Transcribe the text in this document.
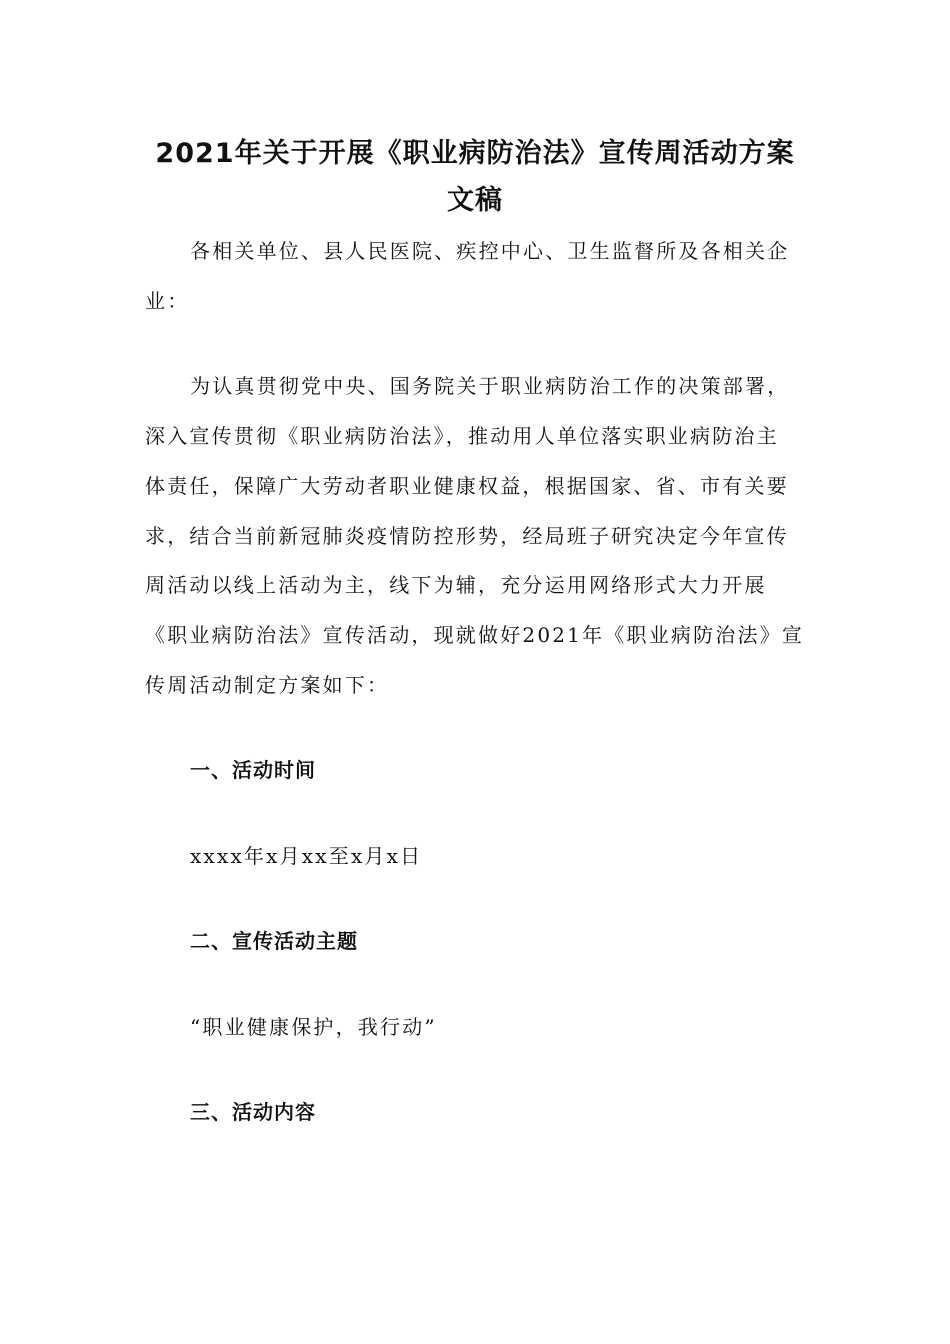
2021年关于开展《职业病防治法》宣传周活动方案
文稿

各相关单位、县人民医院、疾控中心、卫生监督所及各相关企

业：

为认真贯彻党中央、国务院关于职业病防治工作的决策部署，

深入宣传贯彻《职业病防治法》，推动用人单位落实职业病防治主

体责任，保障广大劳动者职业健康权益，根据国家、省、市有关要

求，结合当前新冠肺炎疫情防控形势，经局班子研究决定今年宣传

周活动以线上活动为主，线下为辅，充分运用网络形式大力开展

《职业病防治法》宣传活动，现就做好2021年《职业病防治法》宣

传周活动制定方案如下：

一、活动时间

xxxx年x月xx至x月x日

二、宣传活动主题

“职业健康保护，我行动”

三、活动内容
